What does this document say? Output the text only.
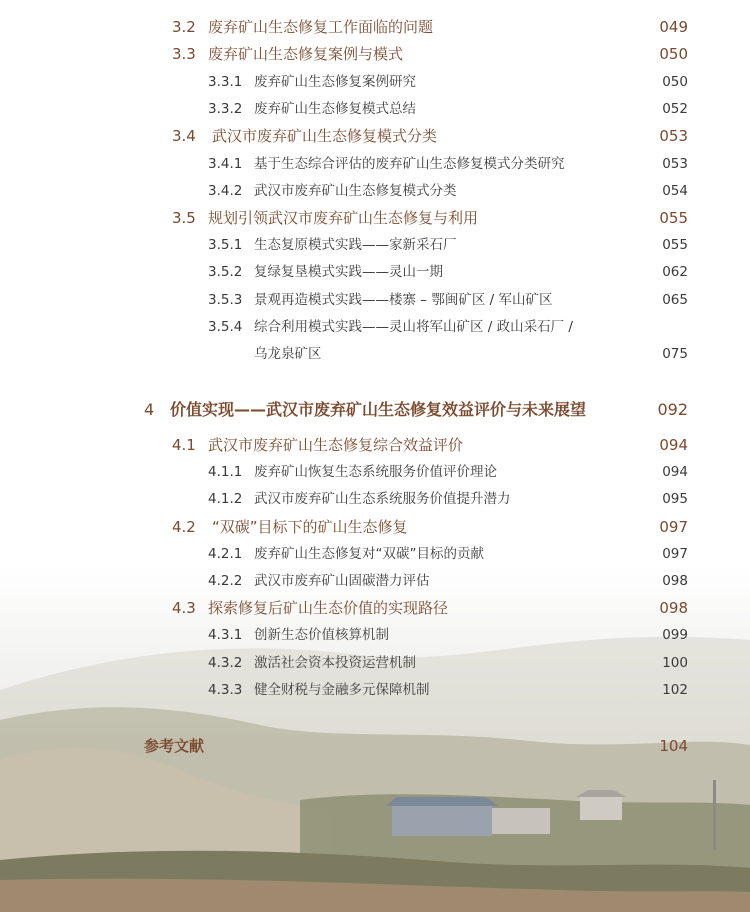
3.2 废弃矿山生态修复工作面临的问题	049
3.3 废弃矿山生态修复案例与模式	050
3.3.1 废弃矿山生态修复案例研究	050
3.3.2 废弃矿山生态修复模式总结	052
3.4 武汉市废弃矿山生态修复模式分类	053
3.4.1 基于生态综合评估的废弃矿山生态修复模式分类研究	053
3.4.2 武汉市废弃矿山生态修复模式分类	054
3.5 规划引领武汉市废弃矿山生态修复与利用	055
3.5.1 生态复原模式实践——家新采石厂	055
3.5.2 复绿复垦模式实践——灵山一期	062
3.5.3 景观再造模式实践——楼寨 – 鄂闽矿区 / 军山矿区	065
3.5.4 综合利用模式实践——灵山将军山矿区 / 政山采石厂 /
乌龙泉矿区	075
4 价值实现——武汉市废弃矿山生态修复效益评价与未来展望	092
4.1 武汉市废弃矿山生态修复综合效益评价	094
4.1.1 废弃矿山恢复生态系统服务价值评价理论	094
4.1.2 武汉市废弃矿山生态系统服务价值提升潜力	095
4.2 “双碳”目标下的矿山生态修复	097
4.2.1 废弃矿山生态修复对“双碳”目标的贡献	097
4.2.2 武汉市废弃矿山固碳潜力评估	098
4.3 探索修复后矿山生态价值的实现路径	098
4.3.1 创新生态价值核算机制	099
4.3.2 激活社会资本投资运营机制	100
4.3.3 健全财税与金融多元保障机制	102
参考文献	104
